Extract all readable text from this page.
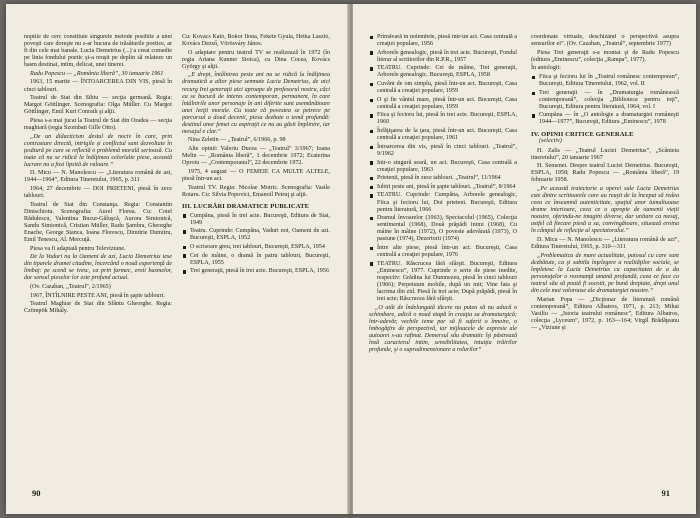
noptile de cerc constituie singurele metode posibile a unei poveşti care doreşte nu s-ar bucura de trăsăturile poetice, ar fi din cele mai banale. Lucia Demetrius (...) a creat comedie pe linia fondului poetic şi-a reuşit pe deplin să relateze un basm destinat, intim, delicat, unei tinerei.

Radu Popescu — „România liberă”, 30 ianuarie 1961

1963, 15 martie — ÎNTOARCEREA DIN VIS, piesă în cinci tablouri.

Teatrul de Stat din Sibiu — secţia germană. Regia: Margot Göttlinger. Scenografia: Olga Müller. Cu Margot Göttlinger, Emil Kurt Conrath şi alţii.

Piesa s-a mai jucat la Teatrul de Stat din Oradea — secţia maghiară (regia Szombati Gille Otto).

„De un didacticism destul de nociv în care, prin contrastare directă, intrigile şi conflictul sunt dezvoltate în ţesătură pe care se reflectă o problemă morală serioasă. Cu toate că nu se ridică la înălţimea celorlalte piese, această lucrare nu a fost lipsită de valoare.”

D. Micu — N. Manolescu — „Literatura română de azi, 1944—1964”, Editura Tineretului, 1965, p. 311

1964, 27 decembrie — DOI PRIETENI, piesă în zece tablouri.

Teatrul de Stat din Constanţa. Regia: Constantin Dinischiotu. Scenografia: Aurel Florea. Cu: Cotel Rădulescu, Valentina Bucur-Găluşcă, Aurora Simionică, Sandu Simionică, Cristian Müller, Radu Şambra, Gheorghe Enache, George Stanca, Ioana Florescu, Dimitrie Dumitru, Emil Tenescu, Al. Mercuţă.

Piesa va fi adaptată pentru Televiziune.

De la Vaduri nu la Oameni de azi, Lucia Demetrius iese din tiparele dramei citadine, încercând o nouă experienţă de limbaj: pe scenă se ivesc, ca prin farmec, eroii basmelor, dar sensul pieselor lor este profund actual.

(Ov. Cazaban, „Teatrul”, 2/1965)

1967, ÎNTÎLNIRE PESTE ANI, piesă în şapte tablouri.

Teatrul Maghiar de Stat din Sfântu Gheorghe. Regia: Czömpök Mihály.

Cu: Kovács Kató, Bokor Ilona, Fekete Gyula, Hetka László, Kovács Dezső, Vörösváry János.

O adaptare pentru teatrul TV se realizează în 1972 (în regia Ariana Kunner Stoica), cu Dina Cocea, Kovács György şi alţii.

„E drept, întâlnirea peste ani nu se ridică la înălţimea dramatică a altor piese semnate Lucia Demetrius, de aici recurg Irei generaţii aici aproape de profesorul nostru, căci ea se bucură de interes contemporan, permanent, în care întâlnirile unor personaje în ani diferite sunt asemănătoare unei lecţii morale. Cu toate că povestea se petrece pe parcursul a două decenii, piesa dezbate o temă profundă: destinul unor femei cu aspiraţii ce nu au găsit împlinire, iar mesajul e clar.”

Nina Zeletin — „Teatrul”, 6/1966, p. 98

Alte opinii: Valeriu Ducea — „Teatrul” 3/1967; Ioana Melin — „România liberă”, 1 decembrie 1972; Ecaterina Oproiu — „Contemporanul”, 22 decembrie 1972.

1975, 4 august — O FEMEIE CA MULTE ALTELE, piesă într-un act.

Teatrul TV. Regia: Nicolae Motric. Scenografia: Vasile Rotaru. Cu: Silvia Popovici, Emanoil Petruţ şi alţii.

III. LUCRĂRI DRAMATICE PUBLICATE
Cumpăna, piesă în trei acte. Bucureşti, Editura de Stat, 1949
Teatru. Cuprinde: Cumpăna, Vaduri noi, Oameni de azi. Bucureşti, ESPLA, 1952
O scrisoare greu, trei tablouri, Bucureşti, ESPLA, 1954
Cei de mâine, o dramă în patru tablouri, Bucureşti, ESPLA, 1955
Trei generaţii, piesă în trei acte. Bucureşti, ESPLA, 1956
90
Primăvară în noiembrie, piesă într-un act. Casa centrală a creaţiei populare, 1956
Arborele genealogic, piesă în trei acte. Bucureşti, Fondul literar al scriitorilor din R.P.R., 1957
TEATRU. Cuprinde: Cei de mâine, Trei generaţii, Arborele genealogic. Bucureşti, ESPLA, 1958
Cuvânt de om simplu, piesă într-un act. Bucureşti, Casa centrală a creaţiei populare, 1959
O şi fie vântul mare, piesă într-un act. Bucureşti, Casa centrală a creaţiei populare, 1959
Fiica şi fecioru lui, piesă în trei acte. Bucureşti, ESPLA, 1960
Înfăţişarea de la ţara, piesă într-un act. Bucureşti, Casa centrală a creaţiei populare, 1961
Întoarcerea din vis, piesă în cinci tablouri. „Teatrul”, 9/1962
Intr-o singură seară, un act. Bucureşti, Casa centrală a creaţiei populare, 1963
Prietenii, piesă în zece tablouri. „Teatrul”, 11/1964
Iubiri peste ani, piesă în şapte tablouri. „Teatrul”, 8/1964
TEATRU. Cuprinde: Cumpăna, Arborele genealogic, Fiica şi fecioru lui, Doi prieteni. Bucureşti, Editura pentru literatură, 1966
Dramul învoarelor (1963), Spectacolul (1965), Colecţia sentimental (1968), Două prăpădi inimi (1968), Cu mâine în mâine (1972), O poveste adevărată (1973), O pasiune (1974), Dezertorii (1974)
Între alte piese, piesă într-un act. Bucureşti, Casa centrală a creaţiei populare, 1976
TEATRU. Răscrucea fără sfârşit. Bucureşti, Editura „Eminescu”, 1977. Cuprinde o serie de piese inedite, respectiv: Grădina lui Dumnezeu, piesă în cinci tablouri (1966); Perpetuum mobile, după un mit; Vine fata şi lacrima din zid. Piesă în trei acte; După prăpădi, piesă în trei acte; Răscrucea fără sfârşit.

„O atât de îndelungată tăcere nu putea să nu aducă o schimbare, adică o nouă etapă în creaţia sa dramaturgică; într-adevăr, vechile teme par să fi suferit o înnoire, o îmbogăţire de perspectivă, iar mijloacele de expresie ale autoarei s-au rafinat. Demersul său dramatic îşi păstrează însă caracterul intim, sensibilitatea, intuiţia trăirilor profunde, şi o supradimensionare a rolurilor”

coordonate virtuale, deschizând o perspectivă asupra sensurilor ei”. (Ov. Cazaban, „Teatrul”, septembrie 1977)

Piesa Trei generaţii s-a montat şi de Radu Popescu (editura „Eminescu”, colecţia „Rampa”, 1977).

În antologii:

Fiica şi fecioru lui în „Teatrul românesc contemporan”, Bucureşti, Editura Tineretului, 1962, vol. II
Trei generaţii — în „Dramaturgia românească contemporană”, colecţia „Biblioteca pentru toţi”, Bucureşti, Editura pentru literatură, 1964, vol. I
Cumpăna — în „O antologie a dramaturgiei româneşti 1944—1977”, Bucureşti, Editura „Eminescu”, 1978
IV. OPINII CRITICE GENERALE
(selectiv)

H. Zalis — „Teatrul Luciei Demetrius”, „Scânteia tineretului”, 20 ianuarie 1967

H. Semenei. Despre teatrul Luciei Demetrius. Bucureşti, ESPLA, 1958; Radu Popescu — „România liberă”, 19 februarie 1958.

„Pe această traiectorie a operei sale Lucia Demetrius este dintre scriitoarele care au reuşit de la început să redea ceea ce înseamnă autenticitate, spaţiul unor tumultuoase drame interioare, ceea ce o apropie de oamenii vieţii noastre, oferindu-ne imagini diverse, dar unitare ca mesaj, astfel că fiecare piesă a sa, convingătoare, situează eroina în câmpul de reflecţie al spectatorului.”

D. Micu — N. Manolescu — „Literatura română de azi”, Editura Tineretului, 1965, p. 310—311

„Problematica de mare actualitate, patosul cu care sunt dezbătute, ca şi subtila înţelegere a realităţilor sociale, se împletesc la Lucia Demetrius cu capacitatea de a da personajelor o rezonanţă umană profundă, ceea ce face ca teatrul său să poată fi socotit, pe bună dreptate, drept unul din cele mai valoroase ale dramaturgiei noastre.”

Marian Popa — „Dicţionar de literatură română contemporană”, Editura Albatros, 1971, p. 213; Mihai Vasiliu — „Istoria teatrului românesc”, Editura Albatros, colecţia „Lyceum”, 1972, p. 163—164; Virgil Brădăţeanu — „Viziune şi

91
